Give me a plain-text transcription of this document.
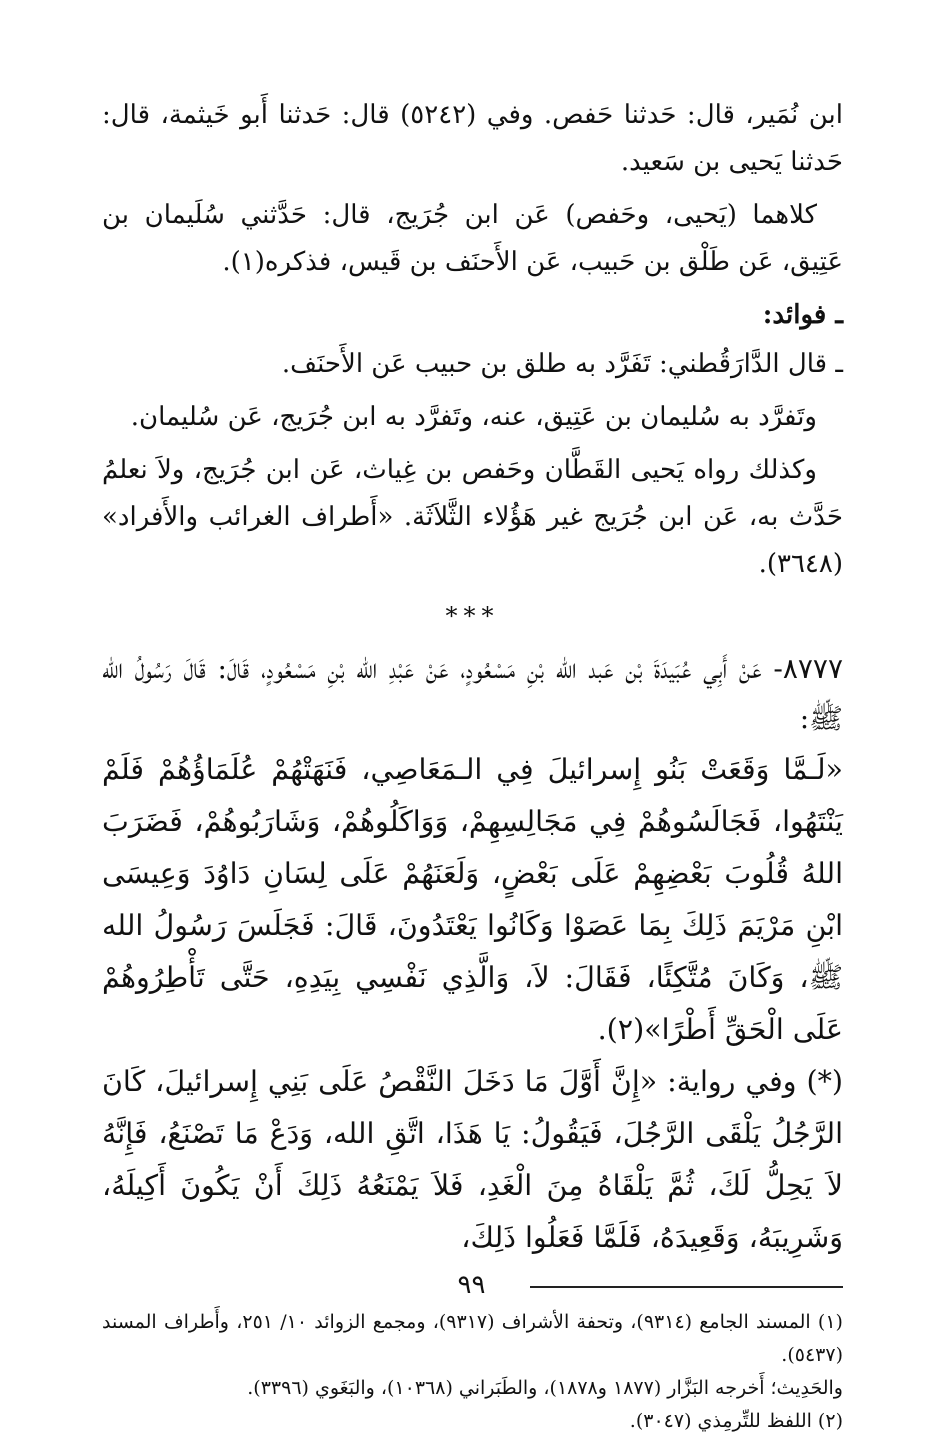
ابن نُمَير، قال: حَدثنا حَفص. وفي (٥٢٤٢) قال: حَدثنا أَبو خَيثمة، قال: حَدثنا يَحيى بن سَعيد.

كلاهما (يَحيى، وحَفص) عَن ابن جُرَيج، قال: حَدَّثني سُلَيمان بن عَتِيق، عَن طَلْق بن حَبيب، عَن الأَحنَف بن قَيس، فذكره(١).

ـ فوائد:

ـ قال الدَّارَقُطني: تَفَرَّد به طلق بن حبيب عَن الأَحنَف.

وتَفرَّد به سُليمان بن عَتِيق، عنه، وتَفرَّد به ابن جُرَيج، عَن سُليمان.

وكذلك رواه يَحيى القَطَّان وحَفص بن غِياث، عَن ابن جُرَيج، ولاَ نعلمُ حَدَّث به، عَن ابن جُرَيج غير هَؤُلاء الثَّلاَثَة. «أَطراف الغرائب والأَفراد» (٣٦٤٨).

***

٨٧٧٧- عَنْ أَبِي عُبَيدَةَ بْن عَبد الله بْنِ مَسْعُودٍ، عَنْ عَبْدِ الله بْنِ مَسْعُودٍ، قَالَ: قَالَ رَسُولُ الله ﷺ:

«لَـمَّا وَقَعَتْ بَنُو إِسرائيلَ فِي الـمَعَاصِي، فَنَهَتْهُمْ عُلَمَاؤُهُمْ فَلَمْ يَنْتَهُوا، فَجَالَسُوهُمْ فِي مَجَالِسِهِمْ، وَوَاكَلُوهُمْ، وَشَارَبُوهُمْ، فَضَرَبَ اللهُ قُلُوبَ بَعْضِهِمْ عَلَى بَعْضٍ، وَلَعَنَهُمْ عَلَى لِسَانِ دَاوُدَ وَعِيسَى ابْنِ مَرْيَمَ ذَلِكَ بِمَا عَصَوْا وَكَانُوا يَعْتَدُونَ، قَالَ: فَجَلَسَ رَسُولُ الله ﷺ، وَكَانَ مُتَّكِئًا، فَقَالَ: لاَ، وَالَّذِي نَفْسِي بِيَدِهِ، حَتَّى تَأْطِرُوهُمْ عَلَى الْحَقِّ أَطْرًا»(٢).

(*) وفي رواية: «إِنَّ أَوَّلَ مَا دَخَلَ النَّقْصُ عَلَى بَنِي إِسرائيلَ، كَانَ الرَّجُلُ يَلْقَى الرَّجُلَ، فَيَقُولُ: يَا هَذَا، اتَّقِ الله، وَدَعْ مَا تَصْنَعُ، فَإِنَّهُ لاَ يَحِلُّ لَكَ، ثُمَّ يَلْقَاهُ مِنَ الْغَدِ، فَلاَ يَمْنَعُهُ ذَلِكَ أَنْ يَكُونَ أَكِيلَهُ، وَشَرِيبَهُ، وَقَعِيدَهُ، فَلَمَّا فَعَلُوا ذَلِكَ،

(١) المسند الجامع (٩٣١٤)، وتحفة الأشراف (٩٣١٧)، ومجمع الزوائد ١٠/ ٢٥١، وأَطراف المسند (٥٤٣٧).

والحَدِيث؛ أَخرجه البَزَّار (١٨٧٧ و١٨٧٨)، والطَبَراني (١٠٣٦٨)، والبَغَوي (٣٣٩٦).

(٢) اللفظ للتِّرمِذي (٣٠٤٧).

٩٩
